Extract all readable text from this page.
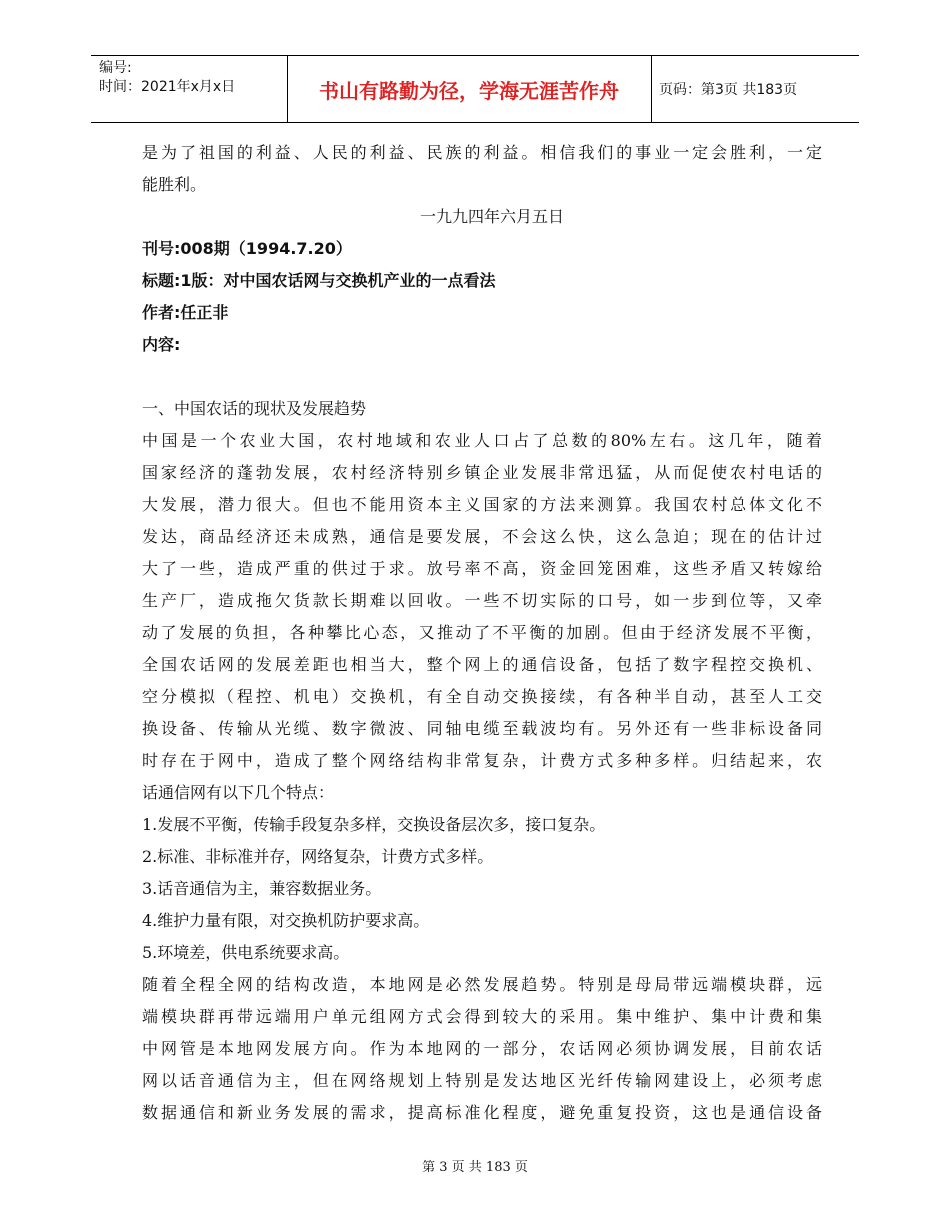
编号:
时间：2021年x月x日	书山有路勤为径，学海无涯苦作舟	页码：第3页 共183页
是为了祖国的利益、人民的利益、民族的利益。相信我们的事业一定会胜利，一定
能胜利。
一九九四年六月五日
刊号:008期（1994.7.20）
标题:1版：对中国农话网与交换机产业的一点看法
作者:任正非
内容:
一、中国农话的现状及发展趋势
中国是一个农业大国，农村地域和农业人口占了总数的80%左右。这几年，随着
国家经济的蓬勃发展，农村经济特别乡镇企业发展非常迅猛，从而促使农村电话的
大发展，潜力很大。但也不能用资本主义国家的方法来测算。我国农村总体文化不
发达，商品经济还未成熟，通信是要发展，不会这么快，这么急迫；现在的估计过
大了一些，造成严重的供过于求。放号率不高，资金回笼困难，这些矛盾又转嫁给
生产厂，造成拖欠货款长期难以回收。一些不切实际的口号，如一步到位等，又牵
动了发展的负担，各种攀比心态，又推动了不平衡的加剧。但由于经济发展不平衡，
全国农话网的发展差距也相当大，整个网上的通信设备，包括了数字程控交换机、
空分模拟（程控、机电）交换机，有全自动交换接续，有各种半自动，甚至人工交
换设备、传输从光缆、数字微波、同轴电缆至载波均有。另外还有一些非标设备同
时存在于网中，造成了整个网络结构非常复杂，计费方式多种多样。归结起来，农
话通信网有以下几个特点：
1.发展不平衡，传输手段复杂多样，交换设备层次多，接口复杂。
2.标准、非标准并存，网络复杂，计费方式多样。
3.话音通信为主，兼容数据业务。
4.维护力量有限，对交换机防护要求高。
5.环境差，供电系统要求高。
随着全程全网的结构改造，本地网是必然发展趋势。特别是母局带远端模块群，远
端模块群再带远端用户单元组网方式会得到较大的采用。集中维护、集中计费和集
中网管是本地网发展方向。作为本地网的一部分，农话网必须协调发展，目前农话
网以话音通信为主，但在网络规划上特别是发达地区光纤传输网建设上，必须考虑
数据通信和新业务发展的需求，提高标准化程度，避免重复投资，这也是通信设备
第 3 页 共 183 页
